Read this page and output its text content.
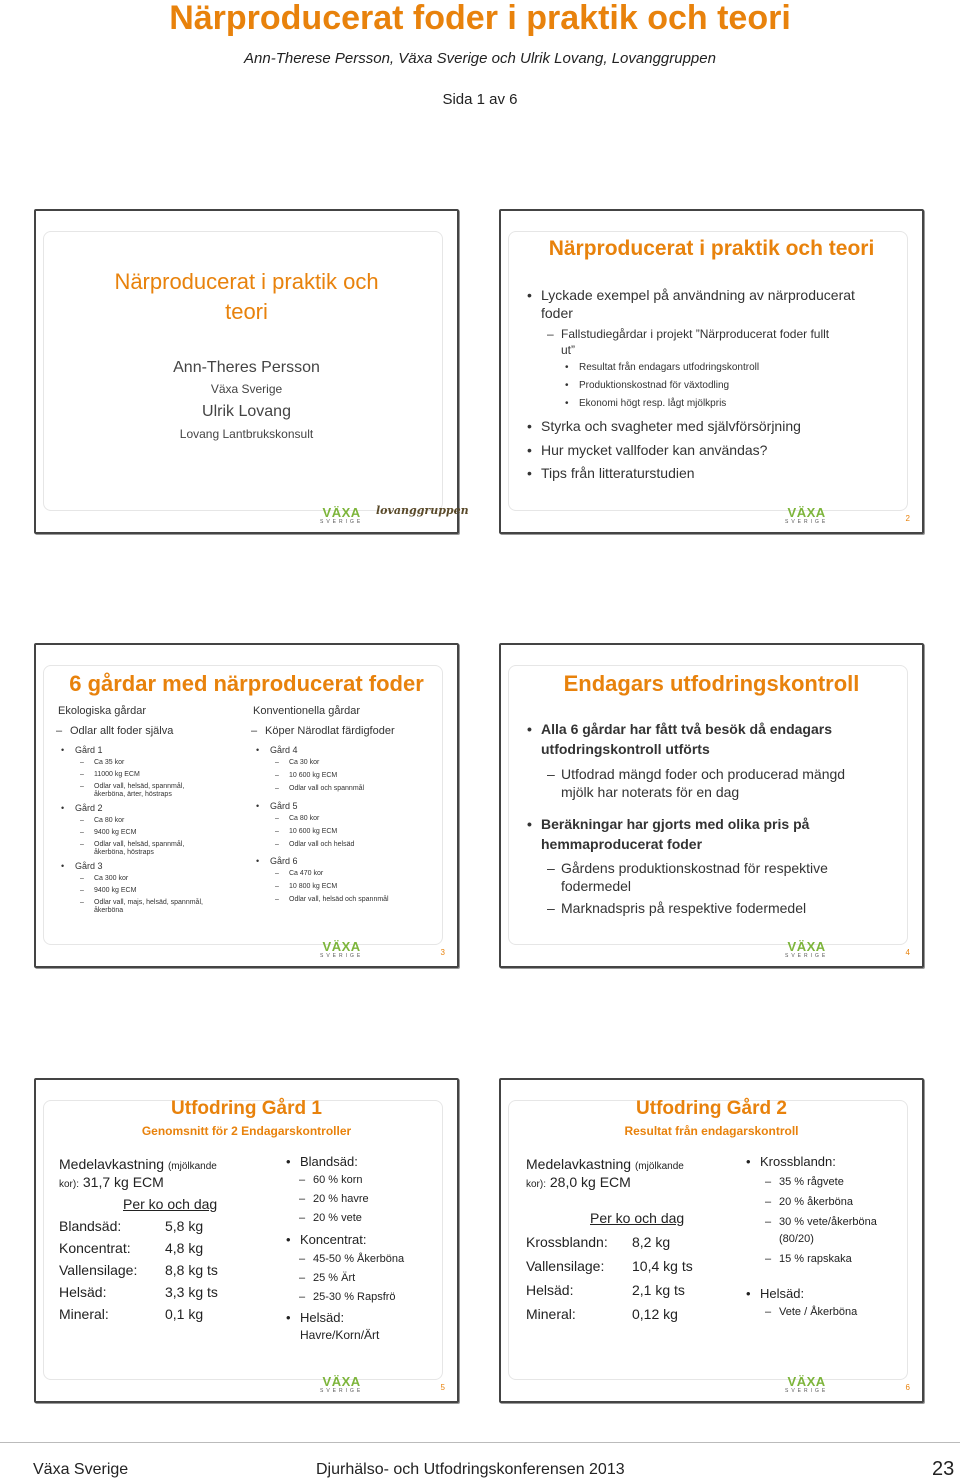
Närproducerat foder i praktik och teori
Ann-Therese Persson, Växa Sverige och Ulrik Lovang, Lovanggruppen
Sida 1 av 6
Närproducerat i praktik och
teori
Ann-Theres Persson
Växa Sverige
Ulrik Lovang
Lovang Lantbrukskonsult
VÄXA
SVERIGE
lovanggruppen
Närproducerat i praktik och teori
• Lyckade exempel på användning av närproducerat
foder
– Fallstudiegårdar i projekt ”Närproducerat foder fullt
ut”
• Resultat från endagars utfodringskontroll
• Produktionskostnad för växtodling
• Ekonomi högt resp. lågt mjölkpris
• Styrka och svagheter med självförsörjning
• Hur mycket vallfoder kan användas?
• Tips från litteraturstudien
VÄXA
SVERIGE	2
6 gårdar med närproducerat foder
Ekologiska gårdar
– Odlar allt foder själva
• Gård 1
– Ca 35 kor
– 11000 kg ECM
– Odlar vall, helsäd, spannmål,
åkerböna, ärter, höstraps
• Gård 2
– Ca 80 kor
– 9400 kg ECM
– Odlar vall, helsäd, spannmål,
åkerböna, höstraps
• Gård 3
– Ca 300 kor
– 9400 kg ECM
– Odlar vall, majs, helsäd, spannmål,
åkerböna
Konventionella gårdar
– Köper Närodlat färdigfoder
• Gård 4
– Ca 30 kor
– 10 600 kg ECM
– Odlar vall och spannmål
• Gård 5
– Ca 80 kor
– 10 600 kg ECM
– Odlar vall och helsäd
• Gård 6
– Ca 470 kor
– 10 800 kg ECM
– Odlar vall, helsäd och spannmål
VÄXA
SVERIGE	3
Endagars utfodringskontroll
• Alla 6 gårdar har fått två besök då endagars
utfodringskontroll utförts
– Utfodrad mängd foder och producerad mängd
mjölk har noterats för en dag
• Beräkningar har gjorts med olika pris på
hemmaproducerat foder
– Gårdens produktionskostnad för respektive
fodermedel
– Marknadspris på respektive fodermedel
VÄXA
SVERIGE	4
Utfodring Gård 1
Genomsnitt för 2 Endagarskontroller
Medelavkastning (mjölkande
kor): 31,7 kg ECM
Per ko och dag
Blandsäd:	5,8 kg
Koncentrat: 4,8 kg
Vallensilage: 8,8 kg ts
Helsäd:	3,3 kg ts
Mineral:	0,1 kg
• Blandsäd:
– 60 % korn
– 20 % havre
– 20 % vete
• Koncentrat:
– 45-50 % Åkerböna
– 25 % Ärt
– 25-30 % Rapsfrö
• Helsäd:
Havre/Korn/Ärt
VÄXA
SVERIGE	5
Utfodring Gård 2
Resultat från endagarskontroll
Medelavkastning (mjölkande
kor): 28,0 kg ECM
Per ko och dag
Krossblandn: 8,2 kg
Vallensilage: 10,4 kg ts
Helsäd:	2,1 kg ts
Mineral:	0,12 kg
• Krossblandn:
– 35 % rågvete
– 20 % åkerböna
– 30 % vete/åkerböna
(80/20)
– 15 % rapskaka
• Helsäd:
– Vete / Åkerböna
VÄXA
SVERIGE	6
Växa Sverige	Djurhälso- och Utfodringskonferensen 2013	23
